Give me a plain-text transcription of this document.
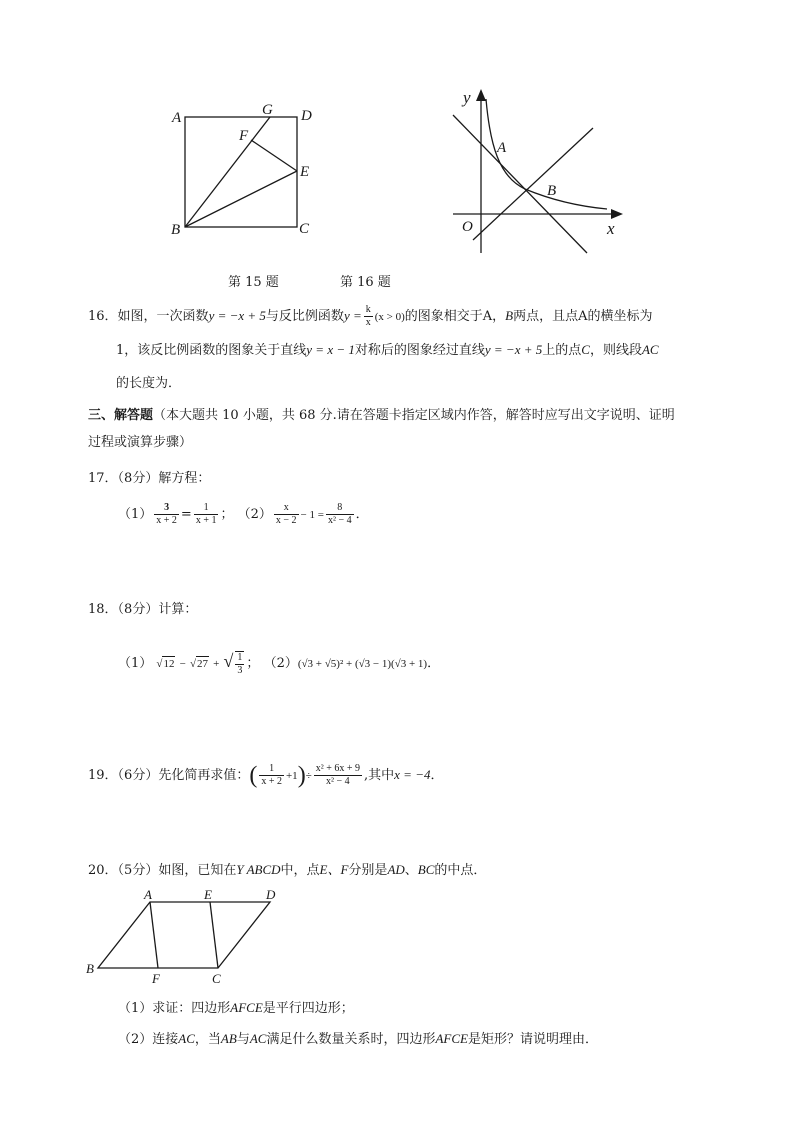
A	G D
F
E
B	C
y
x
O
A
B
第 15 题	第 16 题
16．如图，一次函数y = −x + 5与反比例函数$y = \frac{k}{x} (x > 0)$的图象相交于A，B两点，且点A的横坐标为
1，该反比例函数的图象关于直线y = x − 1对称后的图象经过直线y = −x + 5上的点C，则线段AC
的长度为．
三、解答题（本大题共 10 小题，共 68 分.请在答题卡指定区域内作答，解答时应写出文字说明、证明
过程或演算步骤）
17．（8分）解方程：
$(1) \frac{3}{x + 2} = \frac{1}{x + 1}$ ； $(2) \frac{x}{x - 2} - 1 = \frac{8}{\text{x² − 4}}$ ．
18．（8分）计算：
（1） √12 − √27 + √ $\frac{1}{3}$ ； （2）(√3 + √5)² + (√3 − 1)(√3 + 1)．
19．（6分）先化简再求值：( $\frac{1}{x + 2} +1)\div \frac{\text{x² + 6x + 9}}{\text{x² − 4}}$ ,其中x = −4．
20．（5分）如图，已知在Y ABCD中，点E、F分别是AD、BC的中点．
A	E	D
B
F	C
（1）求证：四边形AFCE是平行四边形；
（2）连接AC，当AB与AC满足什么数量关系时，四边形AFCE是矩形？请说明理由．
